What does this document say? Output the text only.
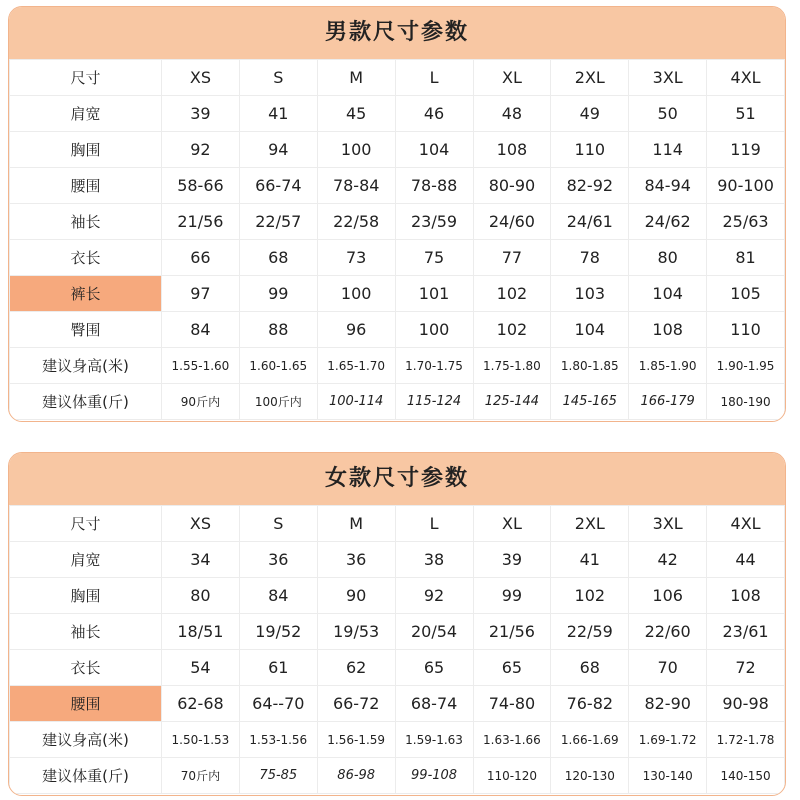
男款尺寸参数
尺寸	XS	S	M	L	XL	2XL	3XL	4XL
肩宽	39	41	45	46	48	49	50	51
胸围	92	94	100	104	108	110	114	119
腰围	58-66	66-74	78-84	78-88	80-90	82-92	84-94	90-100
袖长	21/56	22/57	22/58	23/59	24/60	24/61	24/62	25/63
衣长	66	68	73	75	77	78	80	81
裤长	97	99	100	101	102	103	104	105
臀围	84	88	96	100	102	104	108	110
建议身高(米)	1.55-1.60	1.60-1.65	1.65-1.70	1.70-1.75	1.75-1.80	1.80-1.85	1.85-1.90	1.90-1.95
建议体重(斤)	90斤内	100斤内	100-114	115-124	125-144	145-165	166-179	180-190
女款尺寸参数
尺寸	XS	S	M	L	XL	2XL	3XL	4XL
肩宽	34	36	36	38	39	41	42	44
胸围	80	84	90	92	99	102	106	108
袖长	18/51	19/52	19/53	20/54	21/56	22/59	22/60	23/61
衣长	54	61	62	65	65	68	70	72
腰围	62-68	64--70	66-72	68-74	74-80	76-82	82-90	90-98
建议身高(米)	1.50-1.53	1.53-1.56	1.56-1.59	1.59-1.63	1.63-1.66	1.66-1.69	1.69-1.72	1.72-1.78
建议体重(斤)	70斤内	75-85	86-98	99-108	110-120	120-130	130-140	140-150
